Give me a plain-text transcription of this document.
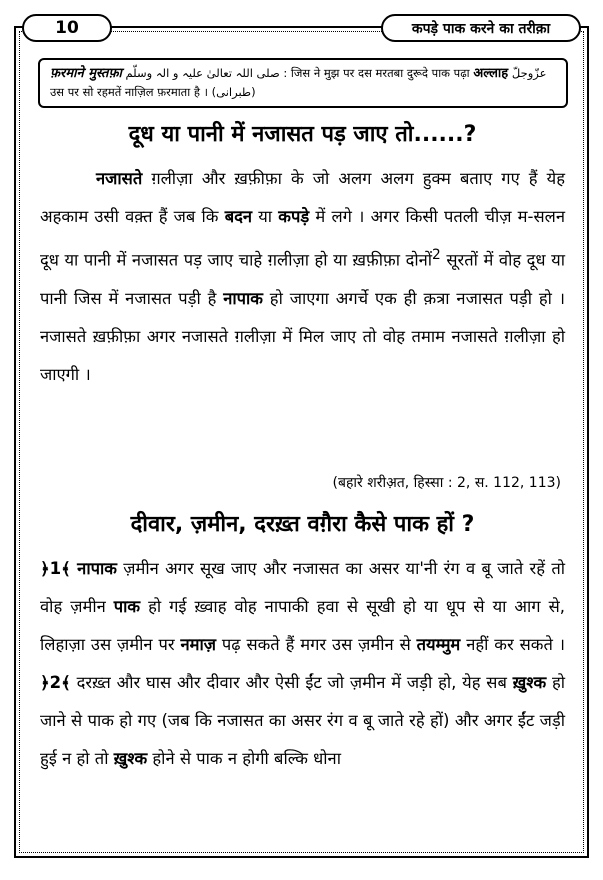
10	कपड़े पाक करने का तरीक़ा
फ़रमाने मुस्तफ़ा صلی اللہ تعالیٰ علیہ و الہ وسلّم : जिस ने मुझ पर दस मरतबा दुरूदे पाक पढ़ा अल्लाह عزّوجلّ
उस पर सो रहमतें नाज़िल फ़रमाता है । (طبرانی)
दूध या पानी में नजासत पड़ जाए तो......?
नजासते ग़लीज़ा और ख़फ़ीफ़ा के जो अलग अलग हुक्म बताए गए हैं येह अहकाम उसी वक़्त हैं जब कि बदन या कपड़े में लगे । अगर किसी पतली चीज़ म-सलन दूध या पानी में नजासत पड़ जाए चाहे ग़लीज़ा हो या ख़फ़ीफ़ा दोनों$^2$ सूरतों में वोह दूध या पानी जिस में नजासत पड़ी है नापाक हो जाएगा अगर्चे एक ही क़त्रा नजासत पड़ी हो । नजासते ख़फ़ीफ़ा अगर नजासते ग़लीज़ा में मिल जाए तो वोह तमाम नजासते ग़लीज़ा हो जाएगी ।
(बहारे शरीअ़त, हिस्सा : 2, स. 112, 113)
दीवार, ज़मीन, दरख़्त वग़ैरा कैसे पाक हों ?
﴿1﴾ नापाक ज़मीन अगर सूख जाए और नजासत का असर या'नी रंग व बू जाते रहें तो वोह ज़मीन पाक हो गई ख़्वाह वोह नापाकी हवा से सूखी हो या धूप से या आग से, लिहाज़ा उस ज़मीन पर नमाज़ पढ़ सकते हैं मगर उस ज़मीन से तयम्मुम नहीं कर सकते । ﴿2﴾ दरख़्त और घास और दीवार और ऐसी ईंट जो ज़मीन में जड़ी हो, येह सब ख़ुश्क हो जाने से पाक हो गए (जब कि नजासत का असर रंग व बू जाते रहे हों) और अगर ईंट जड़ी हुई न हो तो ख़ुश्क होने से पाक न होगी बल्कि धोना
